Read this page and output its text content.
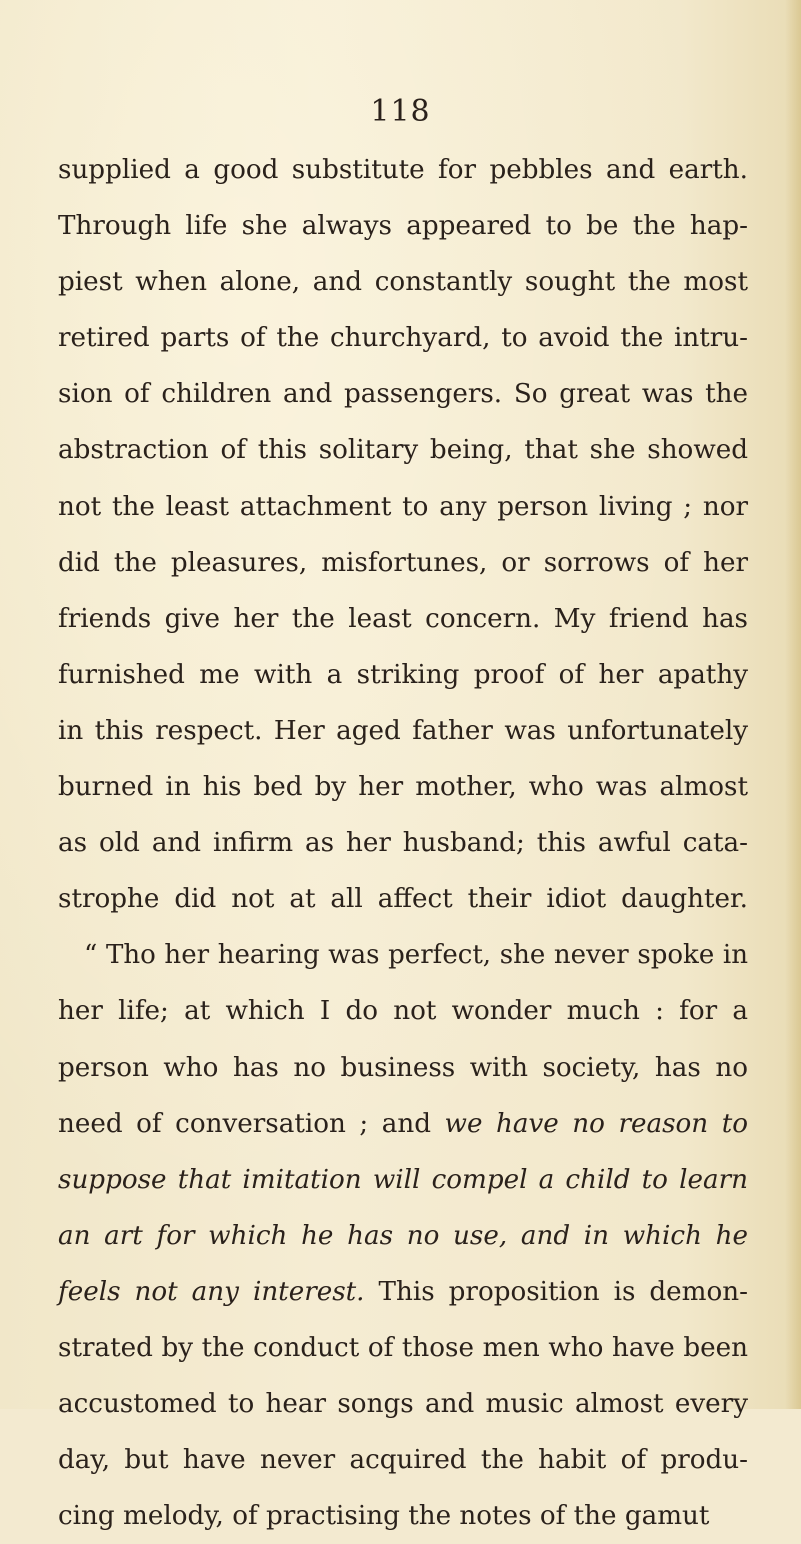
118
supplied a good substitute for pebbles and earth.
Through life she always appeared to be the hap-
piest when alone, and constantly sought the most
retired parts of the churchyard, to avoid the intru-
sion of children and passengers. So great was the
abstraction of this solitary being, that she showed
not the least attachment to any person living ; nor
did the pleasures, misfortunes, or sorrows of her
friends give her the least concern. My friend has
furnished me with a striking proof of her apathy
in this respect. Her aged father was unfortunately
burned in his bed by her mother, who was almost
as old and infirm as her husband; this awful cata-
strophe did not at all affect their idiot daughter.
“ Tho her hearing was perfect, she never spoke in
her life; at which I do not wonder much : for a
person who has no business with society, has no
need of conversation ; and we have no reason to
suppose that imitation will compel a child to learn
an art for which he has no use, and in which he
feels not any interest. This proposition is demon-
strated by the conduct of those men who have been
accustomed to hear songs and music almost every
day, but have never acquired the habit of produ-
cing melody, of practising the notes of the gamut
